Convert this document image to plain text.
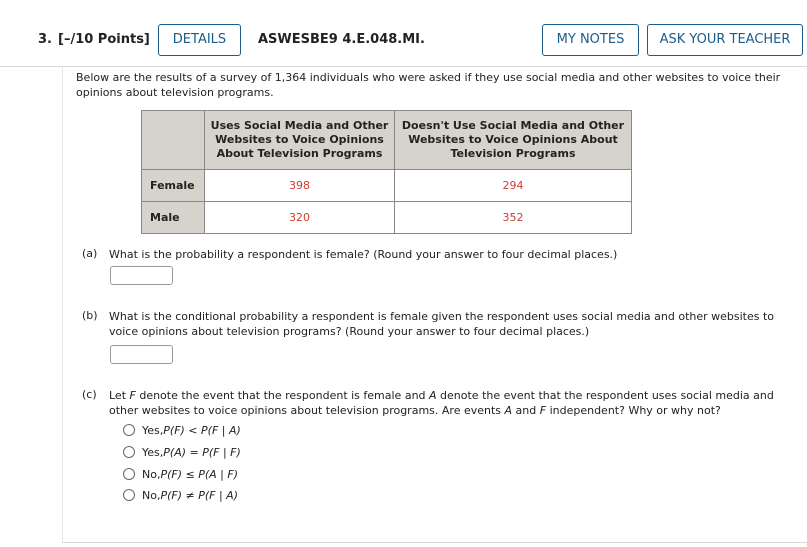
3. [–/10 Points]	DETAILS	ASWESBE9 4.E.048.MI.	MY NOTES	ASK YOUR TEACHER
Below are the results of a survey of 1,364 individuals who were asked if they use social media and other websites to voice their opinions about television programs.
	Uses Social Media and Other Websites to Voice Opinions About Television Programs	Doesn't Use Social Media and Other Websites to Voice Opinions About Television Programs
Female	398	294
Male	320	352
(a) What is the probability a respondent is female? (Round your answer to four decimal places.)
(b) What is the conditional probability a respondent is female given the respondent uses social media and other websites to voice opinions about television programs? (Round your answer to four decimal places.)
(c) Let F denote the event that the respondent is female and A denote the event that the respondent uses social media and other websites to voice opinions about television programs. Are events A and F independent? Why or why not?
Yes, P(F) < P(F | A)
Yes, P(A) = P(F | F)
No, P(F) ≤ P(A | F)
No, P(F) ≠ P(F | A)
